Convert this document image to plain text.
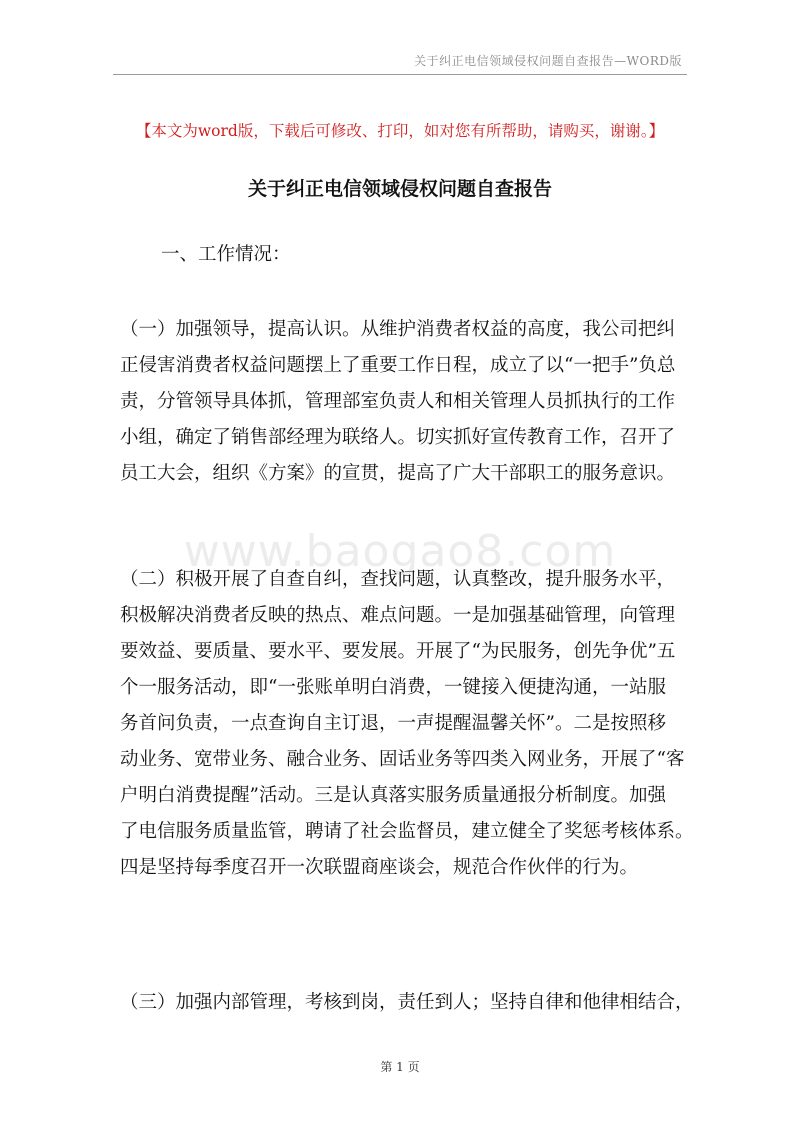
关于纠正电信领域侵权问题自查报告—WORD版
【本文为word版，下载后可修改、打印，如对您有所帮助，请购买，谢谢。】
关于纠正电信领域侵权问题自查报告
一、工作情况：
（一）加强领导，提高认识。从维护消费者权益的高度，我公司把纠
正侵害消费者权益问题摆上了重要工作日程，成立了以“一把手”负总
责，分管领导具体抓，管理部室负责人和相关管理人员抓执行的工作
小组，确定了销售部经理为联络人。切实抓好宣传教育工作，召开了
员工大会，组织《方案》的宣贯，提高了广大干部职工的服务意识。
www.baogao8.com
（二）积极开展了自查自纠，查找问题，认真整改，提升服务水平，
积极解决消费者反映的热点、难点问题。一是加强基础管理，向管理
要效益、要质量、要水平、要发展。开展了“为民服务，创先争优”五
个一服务活动，即“一张账单明白消费，一键接入便捷沟通，一站服
务首问负责，一点查询自主订退，一声提醒温馨关怀”。二是按照移
动业务、宽带业务、融合业务、固话业务等四类入网业务，开展了“客
户明白消费提醒”活动。三是认真落实服务质量通报分析制度。加强
了电信服务质量监管，聘请了社会监督员，建立健全了奖惩考核体系。
四是坚持每季度召开一次联盟商座谈会，规范合作伙伴的行为。
（三）加强内部管理，考核到岗，责任到人；坚持自律和他律相结合，
第 1 页
